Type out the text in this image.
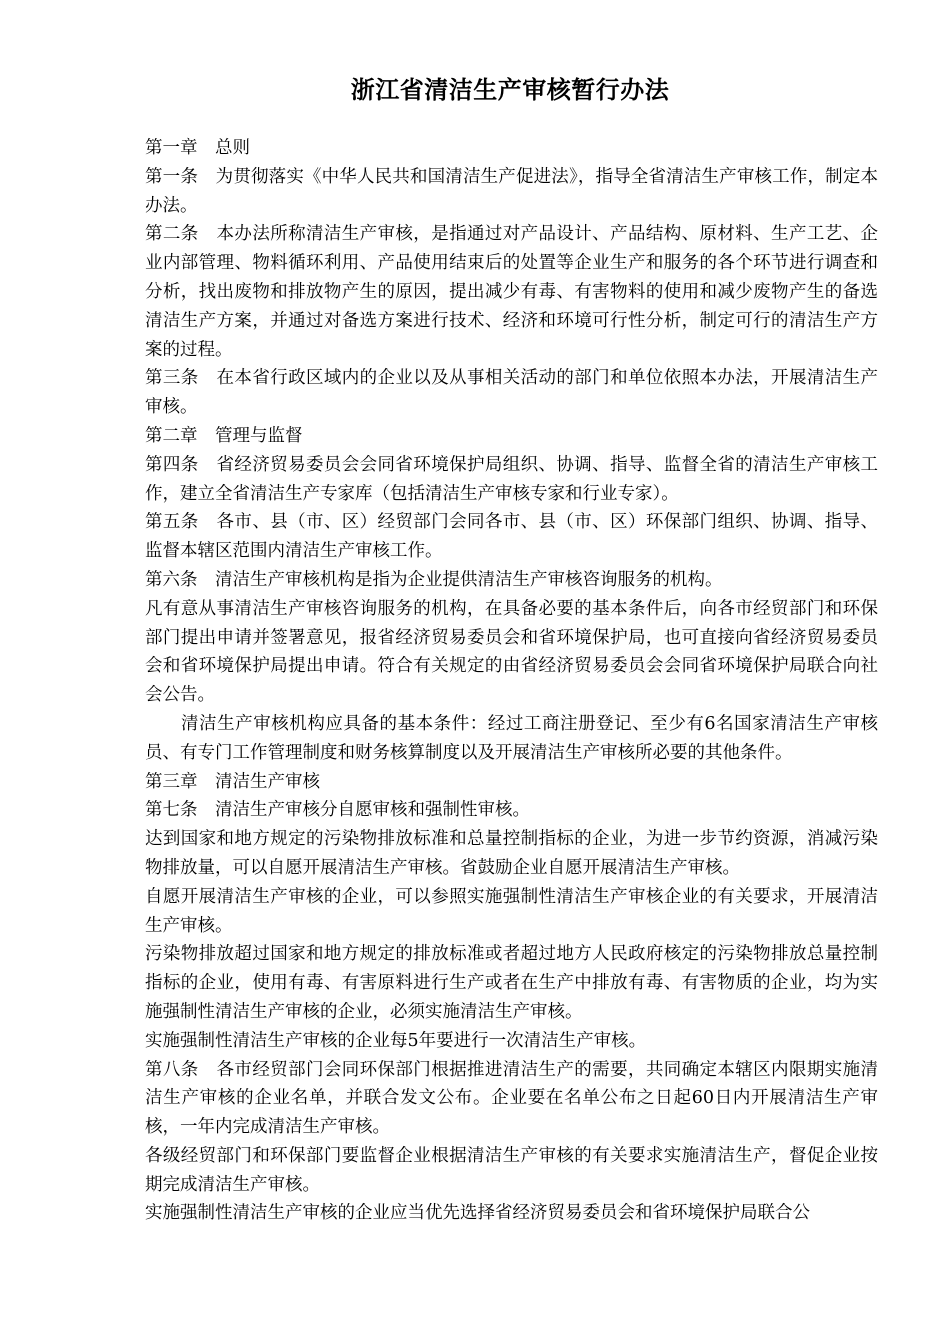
浙江省清洁生产审核暂行办法

第一章　总则

第一条　为贯彻落实《中华人民共和国清洁生产促进法》，指导全省清洁生产审核工作，制定本办法。

第二条　本办法所称清洁生产审核，是指通过对产品设计、产品结构、原材料、生产工艺、企业内部管理、物料循环利用、产品使用结束后的处置等企业生产和服务的各个环节进行调查和分析，找出废物和排放物产生的原因，提出减少有毒、有害物料的使用和减少废物产生的备选清洁生产方案，并通过对备选方案进行技术、经济和环境可行性分析，制定可行的清洁生产方案的过程。

第三条　在本省行政区域内的企业以及从事相关活动的部门和单位依照本办法，开展清洁生产审核。

第二章　管理与监督

第四条　省经济贸易委员会会同省环境保护局组织、协调、指导、监督全省的清洁生产审核工作，建立全省清洁生产专家库（包括清洁生产审核专家和行业专家）。

第五条　各市、县（市、区）经贸部门会同各市、县（市、区）环保部门组织、协调、指导、监督本辖区范围内清洁生产审核工作。

第六条　清洁生产审核机构是指为企业提供清洁生产审核咨询服务的机构。

凡有意从事清洁生产审核咨询服务的机构，在具备必要的基本条件后，向各市经贸部门和环保部门提出申请并签署意见，报省经济贸易委员会和省环境保护局，也可直接向省经济贸易委员会和省环境保护局提出申请。符合有关规定的由省经济贸易委员会会同省环境保护局联合向社会公告。

清洁生产审核机构应具备的基本条件：经过工商注册登记、至少有6名国家清洁生产审核员、有专门工作管理制度和财务核算制度以及开展清洁生产审核所必要的其他条件。

第三章　清洁生产审核

第七条　清洁生产审核分自愿审核和强制性审核。

达到国家和地方规定的污染物排放标准和总量控制指标的企业，为进一步节约资源，消减污染物排放量，可以自愿开展清洁生产审核。省鼓励企业自愿开展清洁生产审核。

自愿开展清洁生产审核的企业，可以参照实施强制性清洁生产审核企业的有关要求，开展清洁生产审核。

污染物排放超过国家和地方规定的排放标准或者超过地方人民政府核定的污染物排放总量控制指标的企业，使用有毒、有害原料进行生产或者在生产中排放有毒、有害物质的企业，均为实施强制性清洁生产审核的企业，必须实施清洁生产审核。

实施强制性清洁生产审核的企业每5年要进行一次清洁生产审核。

第八条　各市经贸部门会同环保部门根据推进清洁生产的需要，共同确定本辖区内限期实施清洁生产审核的企业名单，并联合发文公布。企业要在名单公布之日起60日内开展清洁生产审核，一年内完成清洁生产审核。

各级经贸部门和环保部门要监督企业根据清洁生产审核的有关要求实施清洁生产，督促企业按期完成清洁生产审核。

实施强制性清洁生产审核的企业应当优先选择省经济贸易委员会和省环境保护局联合公
